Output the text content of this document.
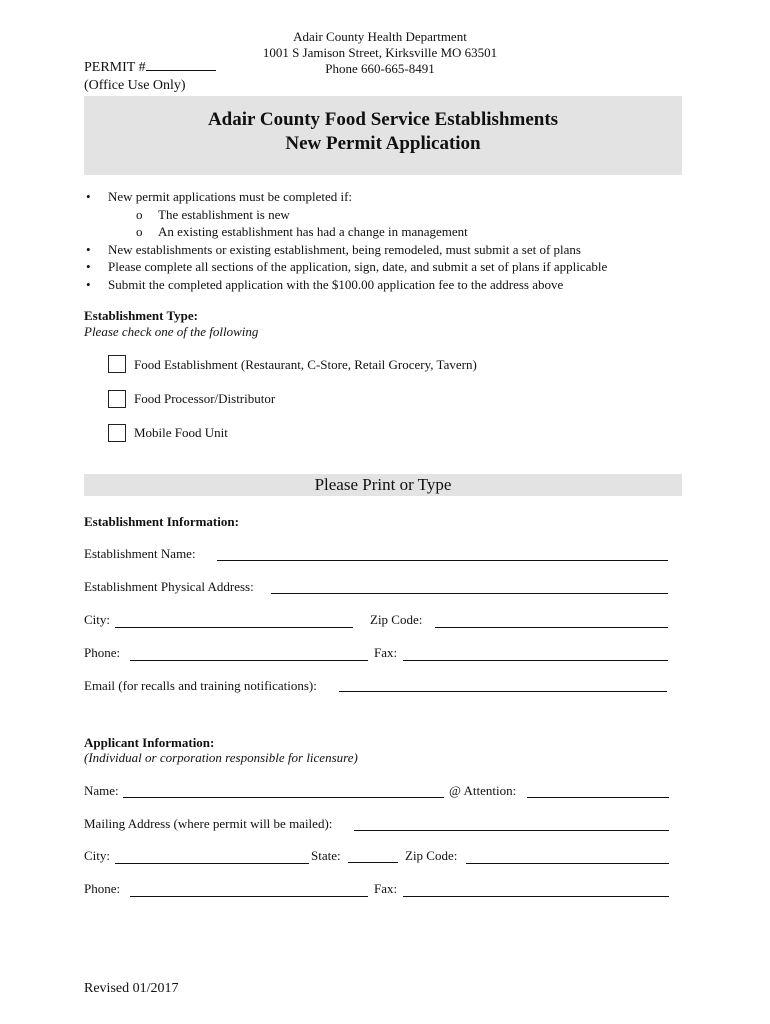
Adair County Health Department
1001 S Jamison Street, Kirksville MO 63501
Phone 660-665-8491
PERMIT #
(Office Use Only)
Adair County Food Service Establishments
New Permit Application
• New permit applications must be completed if:
o The establishment is new
o An existing establishment has had a change in management
• New establishments or existing establishment, being remodeled, must submit a set of plans
• Please complete all sections of the application, sign, date, and submit a set of plans if applicable
• Submit the completed application with the $100.00 application fee to the address above
Establishment Type:
Please check one of the following
Food Establishment (Restaurant, C-Store, Retail Grocery, Tavern)
Food Processor/Distributor
Mobile Food Unit
Please Print or Type
Establishment Information:
Establishment Name:
Establishment Physical Address:
City:	Zip Code:
Phone:	Fax:
Email (for recalls and training notifications):
Applicant Information:
(Individual or corporation responsible for licensure)
Name:	@ Attention:
Mailing Address (where permit will be mailed):
City:	State:	Zip Code:
Phone:	Fax:
Revised 01/2017
